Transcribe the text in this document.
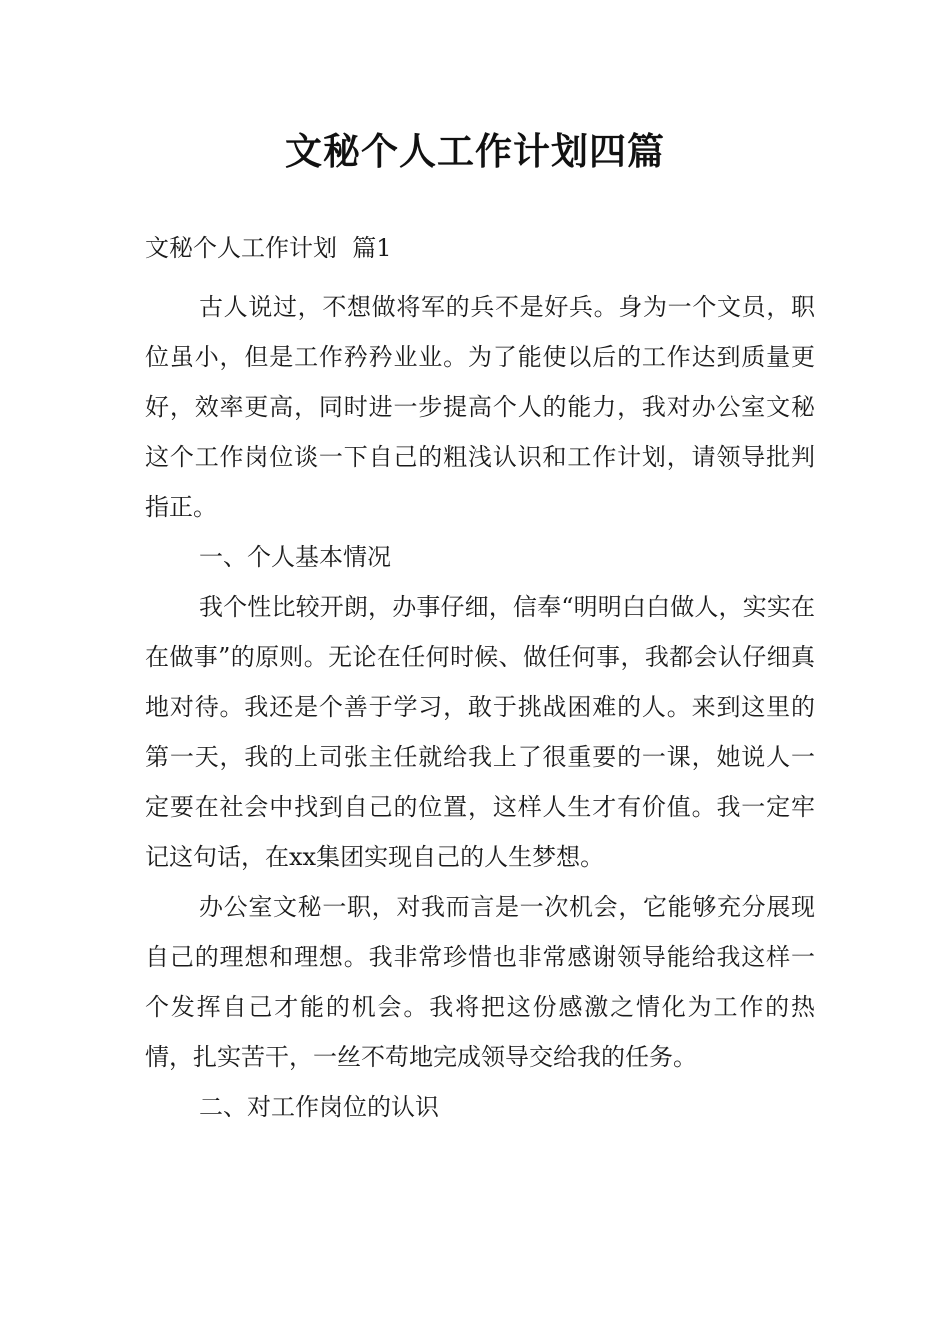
文秘个人工作计划四篇
文秘个人工作计划  篇1

古人说过，不想做将军的兵不是好兵。身为一个文员，职位虽小，但是工作矜矜业业。为了能使以后的工作达到质量更好，效率更高，同时进一步提高个人的能力，我对办公室文秘这个工作岗位谈一下自己的粗浅认识和工作计划，请领导批判指正。

一、个人基本情况

我个性比较开朗，办事仔细，信奉“明明白白做人，实实在在做事”的原则。无论在任何时候、做任何事，我都会认仔细真地对待。我还是个善于学习，敢于挑战困难的人。来到这里的第一天，我的上司张主任就给我上了很重要的一课，她说人一定要在社会中找到自己的位置，这样人生才有价值。我一定牢记这句话，在xx集团实现自己的人生梦想。

办公室文秘一职，对我而言是一次机会，它能够充分展现自己的理想和理想。我非常珍惜也非常感谢领导能给我这样一个发挥自己才能的机会。我将把这份感激之情化为工作的热情，扎实苦干，一丝不苟地完成领导交给我的任务。

二、对工作岗位的认识
